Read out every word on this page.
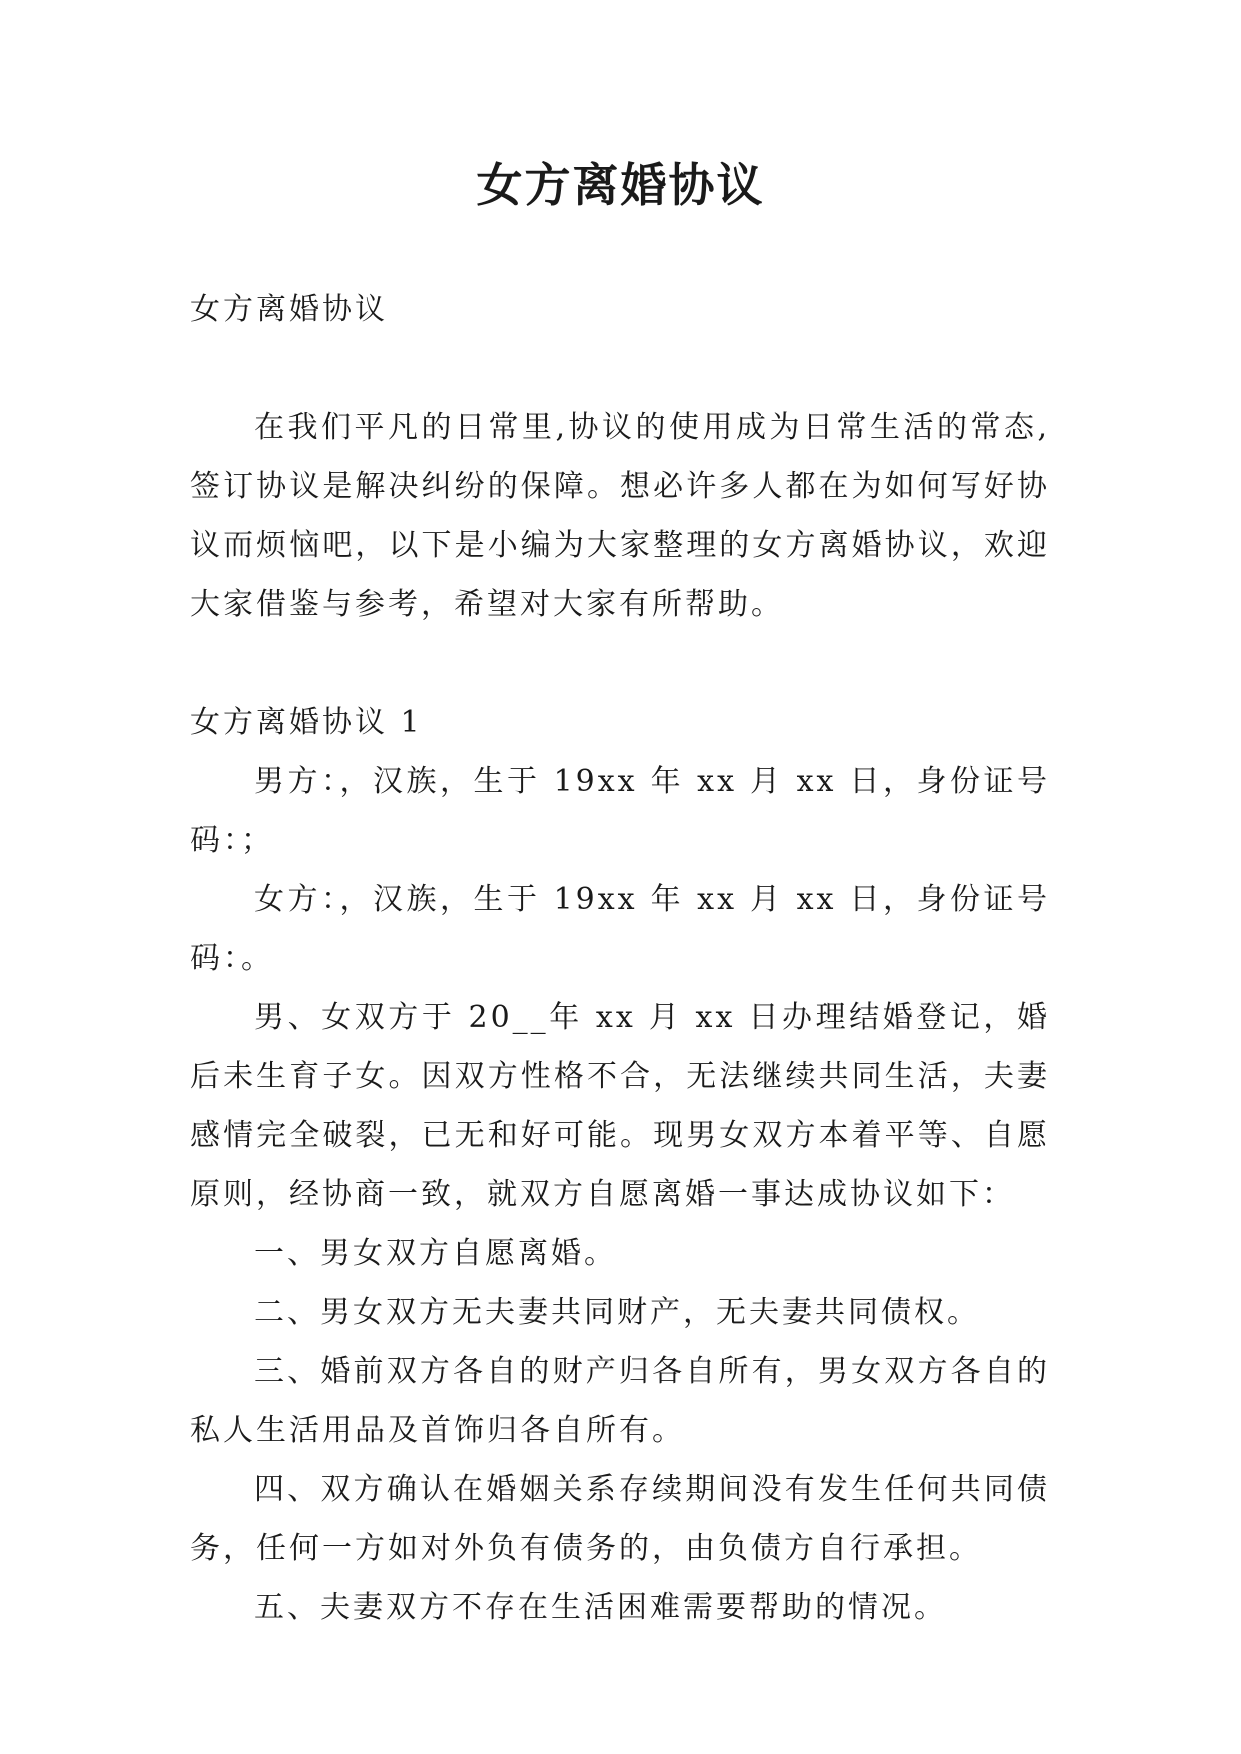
女方离婚协议

女方离婚协议

在我们平凡的日常里,协议的使用成为日常生活的常态,签订协议是解决纠纷的保障。想必许多人都在为如何写好协议而烦恼吧，以下是小编为大家整理的女方离婚协议，欢迎大家借鉴与参考，希望对大家有所帮助。

女方离婚协议 1

男方：，汉族，生于 19xx 年 xx 月 xx 日，身份证号码：；

女方：，汉族，生于 19xx 年 xx 月 xx 日，身份证号码：。

男、女双方于 20__年 xx 月 xx 日办理结婚登记，婚后未生育子女。因双方性格不合，无法继续共同生活，夫妻感情完全破裂，已无和好可能。现男女双方本着平等、自愿原则，经协商一致，就双方自愿离婚一事达成协议如下：

一、男女双方自愿离婚。

二、男女双方无夫妻共同财产，无夫妻共同债权。

三、婚前双方各自的财产归各自所有，男女双方各自的私人生活用品及首饰归各自所有。

四、双方确认在婚姻关系存续期间没有发生任何共同债务，任何一方如对外负有债务的，由负债方自行承担。

五、夫妻双方不存在生活困难需要帮助的情况。
